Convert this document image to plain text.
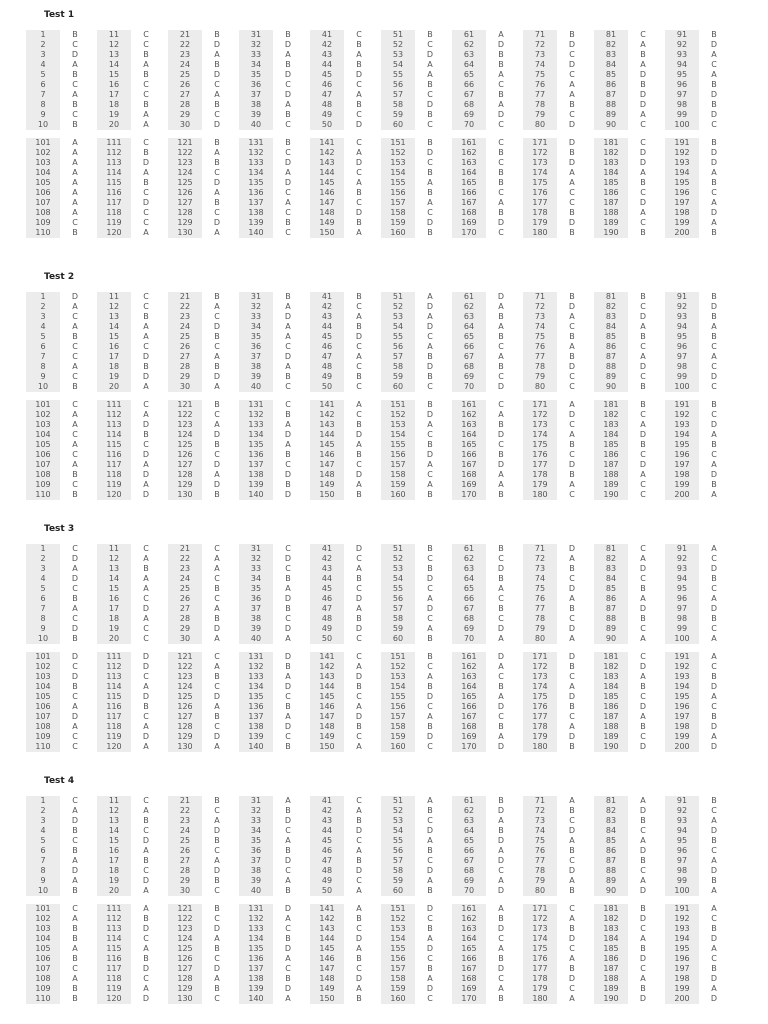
Test 1
1
2
3
4
5
6
7
8
9
10
B
C
D
A
B
C
A
B
C
B
11
12
13
14
15
16
17
18
19
20
C
C
B
A
B
C
C
B
A
A
21
22
23
24
25
26
27
28
29
30
B
D
A
B
D
C
A
B
C
D
31
32
33
34
35
36
37
38
39
40
B
D
A
B
D
C
D
A
B
C
41
42
43
44
45
46
47
48
49
50
C
B
A
B
D
C
A
B
C
D
51
52
53
54
55
56
57
58
59
60
B
C
D
A
A
B
C
D
B
C
61
62
63
64
65
66
67
68
69
70
A
D
B
B
A
C
B
A
D
C
71
72
73
74
75
76
77
78
79
80
B
D
C
D
C
A
A
B
C
D
81
82
83
84
85
86
87
88
89
90
C
A
B
A
D
B
D
D
A
C
91
92
93
94
95
96
97
98
99
100
B
D
A
C
A
B
D
B
D
C
101
102
103
104
105
106
107
108
109
110
A
A
A
A
A
A
A
A
C
B
111
112
113
114
115
116
117
118
119
120
C
B
D
A
B
C
D
C
C
A
121
122
123
124
125
126
127
128
129
130
B
A
B
C
D
A
B
C
D
A
131
132
133
134
135
136
137
138
139
140
B
C
D
A
D
C
A
C
B
C
141
142
143
144
145
146
147
148
149
150
C
A
D
C
A
B
C
D
B
A
151
152
153
154
155
156
157
158
159
160
B
D
C
B
A
B
A
C
D
B
161
162
163
164
165
166
167
168
169
170
C
B
C
B
B
C
A
B
D
C
171
172
173
174
175
176
177
178
179
180
D
B
D
A
A
C
C
B
D
B
181
182
183
184
185
186
187
188
189
190
C
D
D
A
B
C
D
A
C
B
191
192
193
194
195
196
197
198
199
200
B
D
D
A
B
C
A
D
A
B
Test 2
1
2
3
4
5
6
7
8
9
10
D
A
C
A
B
C
C
A
C
B
11
12
13
14
15
16
17
18
19
20
C
C
B
A
A
C
D
B
D
A
21
22
23
24
25
26
27
28
29
30
B
A
C
D
B
C
A
B
D
A
31
32
33
34
35
36
37
38
39
40
B
A
D
A
A
C
D
A
B
C
41
42
43
44
45
46
47
48
49
50
B
C
A
B
D
C
A
C
B
C
51
52
53
54
55
56
57
58
59
60
A
D
A
D
C
A
B
D
B
C
61
62
63
64
65
66
67
68
69
70
D
A
B
A
B
C
A
B
C
D
71
72
73
74
75
76
77
78
79
80
B
D
A
C
B
A
B
D
C
C
81
82
83
84
85
86
87
88
89
90
B
C
D
A
B
C
A
D
C
B
91
92
93
94
95
96
97
98
99
100
B
D
B
A
B
C
A
C
D
C
101
102
103
104
105
106
107
108
109
110
C
A
A
C
A
C
A
B
C
B
111
112
113
114
115
116
117
118
119
120
C
A
D
B
C
D
A
D
A
D
121
122
123
124
125
126
127
128
129
130
B
C
A
D
B
C
D
A
D
B
131
132
133
134
135
136
137
138
139
140
C
B
A
D
A
B
C
D
B
D
141
142
143
144
145
146
147
148
149
150
A
C
B
D
A
B
C
D
A
B
151
152
153
154
155
156
157
158
159
160
B
D
A
C
B
D
A
C
A
B
161
162
163
164
165
166
167
168
169
170
C
A
B
D
C
B
D
A
A
B
171
172
173
174
175
176
177
178
179
180
A
D
C
A
B
C
D
B
A
C
181
182
183
184
185
186
187
188
189
190
B
C
A
D
B
C
D
A
C
C
191
192
193
194
195
196
197
198
199
200
B
C
D
A
B
C
A
D
B
A
Test 3
1
2
3
4
5
6
7
8
9
10
C
D
A
D
C
B
A
C
D
B
11
12
13
14
15
16
17
18
19
20
C
A
B
A
A
C
D
A
C
C
21
22
23
24
25
26
27
28
29
30
C
A
A
C
B
C
A
B
D
A
31
32
33
34
35
36
37
38
39
40
C
D
C
B
A
D
B
C
D
A
41
42
43
44
45
46
47
48
49
50
D
C
A
B
C
D
A
B
D
C
51
52
53
54
55
56
57
58
59
60
B
C
B
D
C
A
D
C
A
B
61
62
63
64
65
66
67
68
69
70
B
C
D
B
A
C
B
C
D
A
71
72
73
74
75
76
77
78
79
80
D
A
B
C
D
A
B
C
D
A
81
82
83
84
85
86
87
88
89
90
C
A
D
C
B
A
D
B
C
A
91
92
93
94
95
96
97
98
99
100
A
C
D
B
C
A
D
B
C
A
101
102
103
104
105
106
107
108
109
110
D
C
D
B
C
A
D
A
C
C
111
112
113
114
115
116
117
118
119
120
D
D
C
A
D
B
C
A
D
A
121
122
123
124
125
126
127
128
129
130
C
A
B
C
D
A
B
C
D
A
131
132
133
134
135
136
137
138
139
140
D
B
A
D
C
B
A
D
C
B
141
142
143
144
145
146
147
148
149
150
C
A
D
B
C
A
D
B
C
A
151
152
153
154
155
156
157
158
159
160
B
C
A
B
D
C
A
B
D
C
161
162
163
164
165
166
167
168
169
170
D
A
C
B
A
D
C
B
A
D
171
172
173
174
175
176
177
178
179
180
D
B
C
A
D
B
C
A
D
B
181
182
183
184
185
186
187
188
189
190
C
D
A
B
C
D
A
B
C
D
191
192
193
194
195
196
197
198
199
200
A
C
B
D
A
C
B
D
A
D
Test 4
1
2
3
4
5
6
7
8
9
10
C
A
D
B
C
B
A
D
A
B
11
12
13
14
15
16
17
18
19
20
C
A
B
C
D
A
B
C
D
A
21
22
23
24
25
26
27
28
29
30
B
C
A
D
B
C
A
D
B
C
31
32
33
34
35
36
37
38
39
40
A
B
D
C
A
B
D
C
A
B
41
42
43
44
45
46
47
48
49
50
C
A
B
D
C
A
B
D
C
A
51
52
53
54
55
56
57
58
59
60
A
B
C
D
A
B
C
D
A
B
61
62
63
64
65
66
67
68
69
70
B
D
A
B
D
A
D
C
A
D
71
72
73
74
75
76
77
78
79
80
A
B
C
D
A
B
C
D
A
B
81
82
83
84
85
86
87
88
89
90
A
D
B
C
A
D
B
C
A
D
91
92
93
94
95
96
97
98
99
100
B
C
A
D
B
C
A
D
B
A
101
102
103
104
105
106
107
108
109
110
C
A
B
B
A
B
C
A
B
B
111
112
113
114
115
116
117
118
119
120
A
B
D
C
A
B
D
C
A
D
121
122
123
124
125
126
127
128
129
130
B
C
D
A
B
C
D
A
B
C
131
132
133
134
135
136
137
138
139
140
D
A
C
B
D
A
C
B
D
A
141
142
143
144
145
146
147
148
149
150
A
B
C
D
A
B
C
D
A
B
151
152
153
154
155
156
157
158
159
160
D
C
B
A
D
C
B
A
D
C
161
162
163
164
165
166
167
168
169
170
A
B
D
C
A
B
D
C
A
B
171
172
173
174
175
176
177
178
179
180
C
A
B
D
C
A
B
D
C
A
181
182
183
184
185
186
187
188
189
190
B
D
C
A
B
D
C
A
B
D
191
192
193
194
195
196
197
198
199
200
A
C
B
D
A
C
B
D
A
D
